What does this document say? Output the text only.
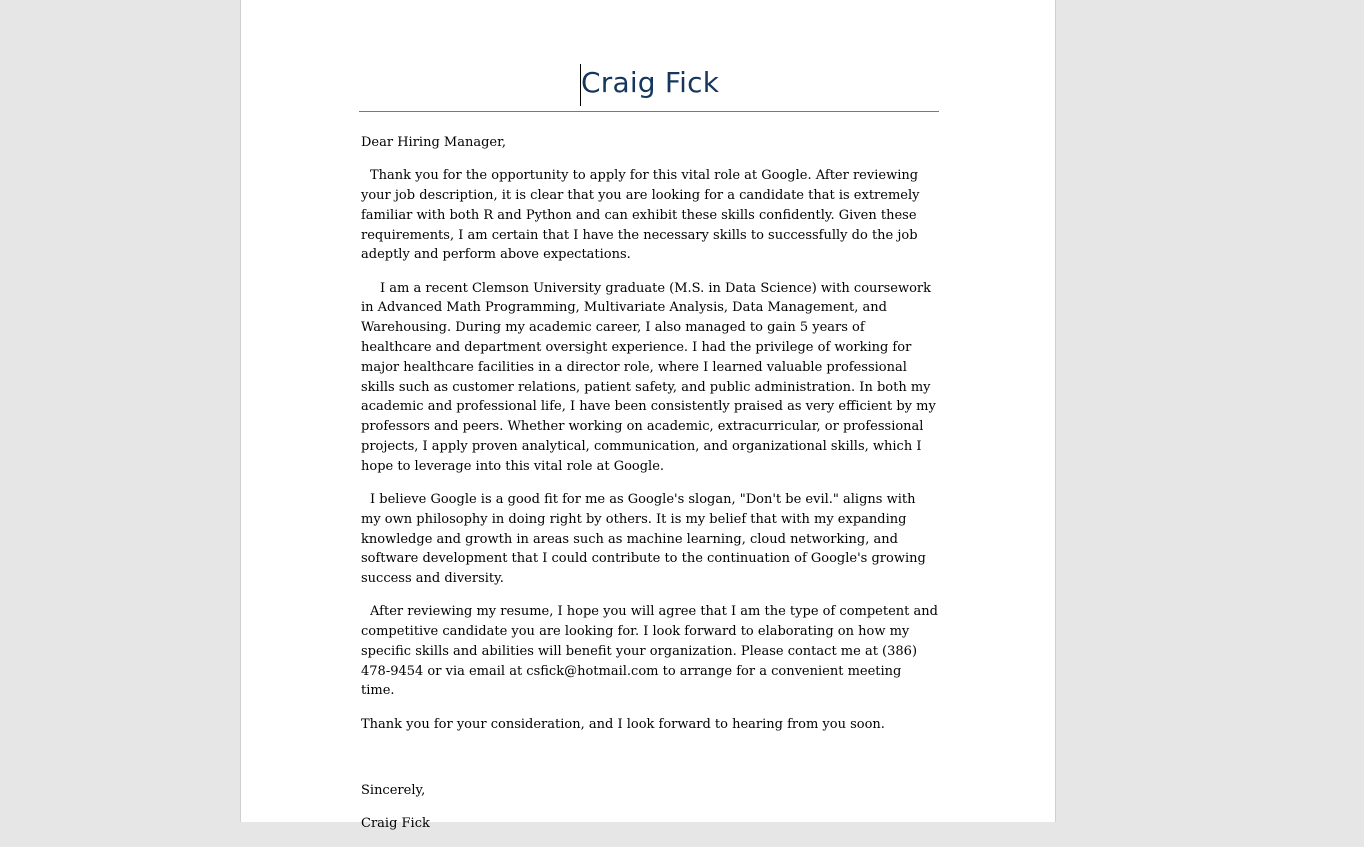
Craig Fick

Dear Hiring Manager,

Thank you for the opportunity to apply for this vital role at Google. After reviewing your job description, it is clear that you are looking for a candidate that is extremely familiar with both R and Python and can exhibit these skills confidently. Given these requirements, I am certain that I have the necessary skills to successfully do the job adeptly and perform above expectations.

I am a recent Clemson University graduate (M.S. in Data Science) with coursework in Advanced Math Programming, Multivariate Analysis, Data Management, and Warehousing. During my academic career, I also managed to gain 5 years of healthcare and department oversight experience. I had the privilege of working for major healthcare facilities in a director role, where I learned valuable professional skills such as customer relations, patient safety, and public administration. In both my academic and professional life, I have been consistently praised as very efficient by my professors and peers. Whether working on academic, extracurricular, or professional projects, I apply proven analytical, communication, and organizational skills, which I hope to leverage into this vital role at Google.

I believe Google is a good fit for me as Google's slogan, "Don't be evil." aligns with my own philosophy in doing right by others. It is my belief that with my expanding knowledge and growth in areas such as machine learning, cloud networking, and software development that I could contribute to the continuation of Google's growing success and diversity.

After reviewing my resume, I hope you will agree that I am the type of competent and competitive candidate you are looking for. I look forward to elaborating on how my specific skills and abilities will benefit your organization. Please contact me at (386) 478-9454 or via email at csfick@hotmail.com to arrange for a convenient meeting time.

Thank you for your consideration, and I look forward to hearing from you soon.

Sincerely,

Craig Fick
